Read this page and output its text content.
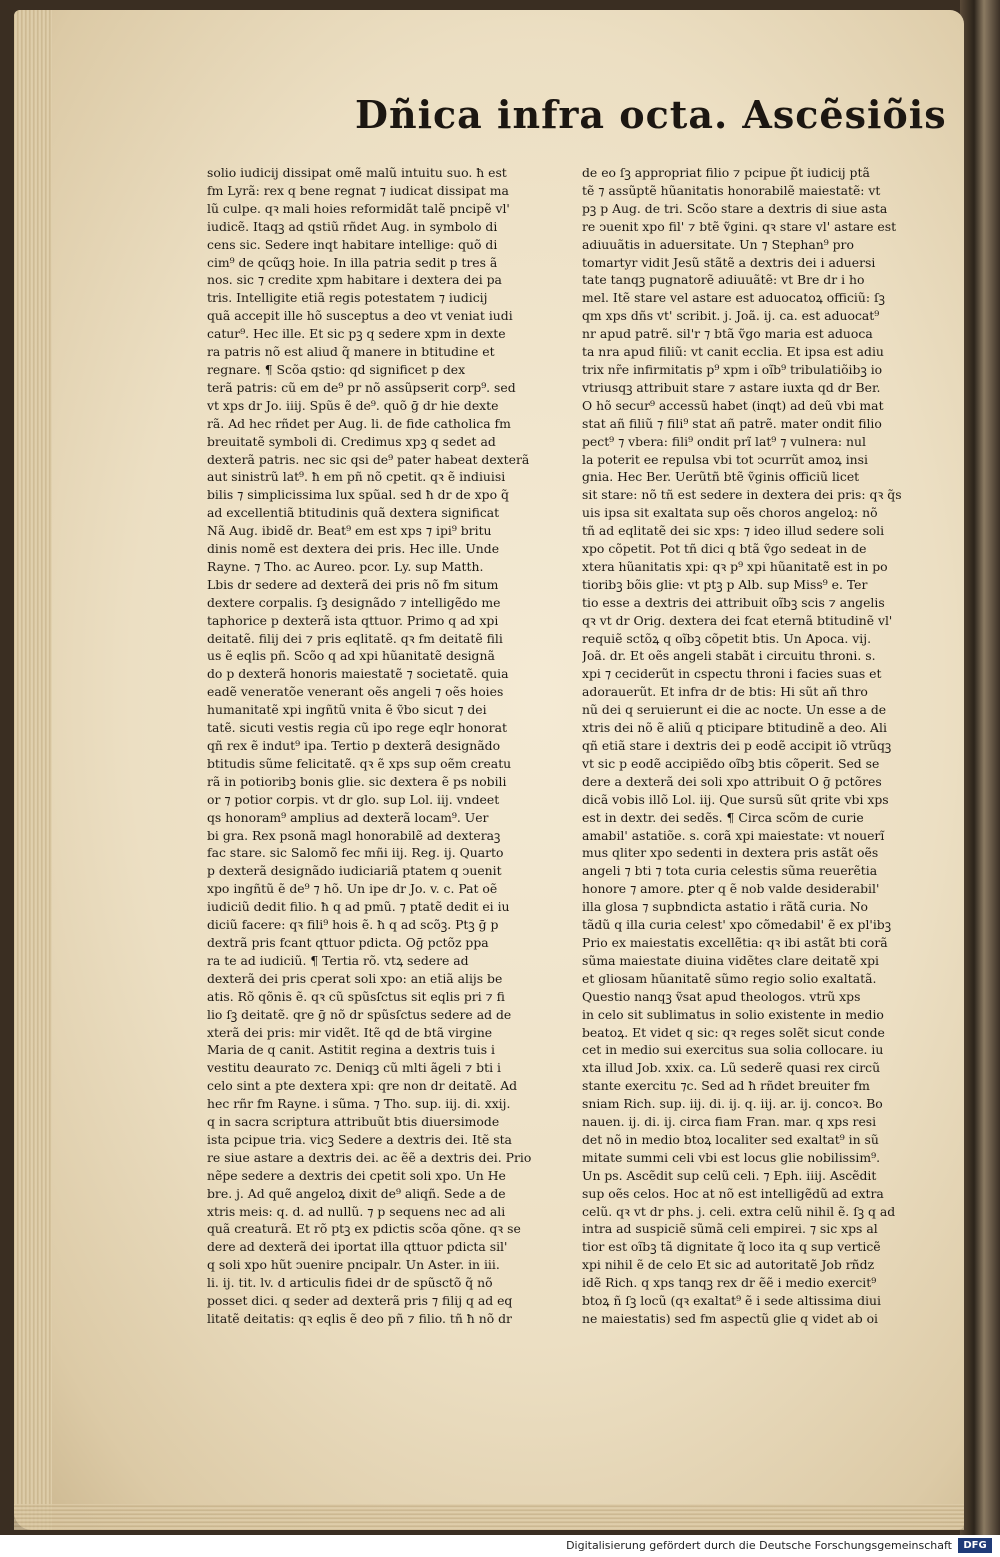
Dñica infra octa. Ascẽsiõis
solio iudicij dissipat omẽ malũ intuitu suo. ħ est
fm Lyrã: rex q bene regnat ⁊ iudicat dissipat ma
lũ culpe. qꝛ mali hoies reformidãt talẽ pncipẽ vl'
iudicẽ. Itaqꝫ ad qstiũ rñdet Aug. in symbolo di
cens sic. Sedere inqt habitare intellige: quõ di
cim⁹ de qcũqꝫ hoie. In illa patria sedit p tres ã
nos. sic ⁊ credite xpm habitare i dextera dei pa
tris. Intelligite etiã regis potestatem ⁊ iudicij
quã accepit ille hõ susceptus a deo vt veniat iudi
catur⁹. Hec ille. Et sic pꝫ q sedere xpm in dexte
ra patris nõ est aliud q̃ manere in btitudine et
regnare. ¶ Scõa qstio: qd significet p dex
terã patris: cũ em de⁹ pr nõ assũpserit corp⁹. sed
vt xps dr Jo. iiij. Spũs ẽ de⁹. quõ ḡ dr hie dexte
rã. Ad hec rñdet per Aug. li. de fide catholica fm
breuitatẽ symboli di. Credimus xpꝫ q sedet ad
dexterã patris. nec sic qsi de⁹ pater habeat dexterã
aut sinistrũ lat⁹. ħ em pñ nõ cpetit. qꝛ ẽ indiuisi
bilis ⁊ simplicissima lux spũal. sed ħ dr de xpo q̃
ad excellentiã btitudinis quã dextera significat
Nã Aug. ibidẽ dr. Beat⁹ em est xps ⁊ ipi⁹ britu
dinis nomẽ est dextera dei pris. Hec ille. Unde
Rayne. ⁊ Tho. ac Aureo. pcor. Ly. sup Matth.
Lbis dr sedere ad dexterã dei pris nõ fm situm
dextere corpalis. ſꝫ designãdo ⁊ intelligẽdo me
taphorice p dexterã ista qttuor. Primo q ad xpi
deitatẽ. filij dei ⁊ pris eqlitatẽ. qꝛ fm deitatẽ fili
us ẽ eqlis pñ. Scõo q ad xpi hũanitatẽ designã
do p dexterã honoris maiestatẽ ⁊ societatẽ. quia
eadẽ veneratõe venerant oẽs angeli ⁊ oẽs hoies
humanitatẽ xpi ingñtũ vnita ẽ ṽbo sicut ⁊ dei
tatẽ. sicuti vestis regia cũ ipo rege eqlr honorat
qñ rex ẽ indut⁹ ipa. Tertio p dexterã designãdo
btitudis sũme felicitatẽ. qꝛ ẽ xps sup oẽm creatu
rã in potioribꝫ bonis glie. sic dextera ẽ ps nobili
or ⁊ potior corpis. vt dr glo. sup Lol. iij. vndeet
qs honoram⁹ amplius ad dexterã locam⁹. Uer
bi gra. Rex psonã magl honorabilẽ ad dexteraꝫ
fac stare. sic Salomõ fec mñi iij. Reg. ij. Quarto
p dexterã designãdo iudiciariã ptatem q ↄuenit
xpo ingñtũ ẽ de⁹ ⁊ hõ. Un ipe dr Jo. v. c. Pat oẽ
iudiciũ dedit filio. ħ q ad pmũ. ⁊ ptatẽ dedit ei iu
diciũ facere: qꝛ fili⁹ hois ẽ. ħ q ad scõꝫ. Ptꝫ ḡ p
dextrã pris fcant qttuor pdicta. Oḡ pctõz ppa
ra te ad iudiciũ. ¶ Tertia rõ. vtꝝ sedere ad
dexterã dei pris cperat soli xpo: an etiã alijs be
atis. Rõ qõnis ẽ. qꝛ cũ spũsſctus sit eqlis pri ⁊ fi
lio ſꝫ deitatẽ. qre ḡ nõ dr spũsſctus sedere ad de
xterã dei pris: mir vidẽt. Itẽ qd de btã virgine
Maria de q canit. Astitit regina a dextris tuis i
vestitu deaurato ⁊c. Deniqꝫ cũ mlti ãgeli ⁊ bti i
celo sint a pte dextera xpi: qre non dr deitatẽ. Ad
hec rñr fm Rayne. i sũma. ⁊ Tho. sup. iij. di. xxij.
q in sacra scriptura attribuũt btis diuersimode
ista pcipue tria. vicꝫ Sedere a dextris dei. Itẽ sta
re siue astare a dextris dei. ac ẽẽ a dextris dei. Prio
nẽpe sedere a dextris dei cpetit soli xpo. Un He
bre. j. Ad quẽ angeloꝝ dixit de⁹ aliqñ. Sede a de
xtris meis: q. d. ad nullũ. ⁊ p sequens nec ad ali
quã creaturã. Et rõ ptꝫ ex pdictis scõa qõne. qꝛ se
dere ad dexterã dei iportat illa qttuor pdicta sil'
q soli xpo hũt ↄuenire pncipalr. Un Aster. in iii.
li. ij. tit. lv. d articulis fidei dr de spũsctõ q̃ nõ
posset dici. q seder ad dexterã pris ⁊ filij q ad eq
litatẽ deitatis: qꝛ eqlis ẽ deo pñ ⁊ filio. tñ ħ nõ dr
de eo ſꝫ appropriat filio ⁊ pcipue p̃t iudicij ptã
tẽ ⁊ assũptẽ hũanitatis honorabilẽ maiestatẽ: vt
pꝫ p Aug. de tri. Scõo stare a dextris di siue asta
re ↄuenit xpo fil' ⁊ btẽ ṽgini. qꝛ stare vl' astare est
adiuuãtis in aduersitate. Un ⁊ Stephan⁹ pro
tomartyr vidit Jesũ stãtẽ a dextris dei i aduersi
tate tanqꝫ pugnatorẽ adiuuãtẽ: vt Bre dr i ho
mel. Itẽ stare vel astare est aduocatoꝝ officiũ: ſꝫ
qm xps dñs vt' scribit. j. Joã. ij. ca. est aduocat⁹
nr apud patrẽ. sil'r ⁊ btã ṽgo maria est aduoca
ta nra apud filiũ: vt canit ecclia. Et ipsa est adiu
trix nr̃e infirmitatis p⁹ xpm i oĩb⁹ tribulatiõibꝫ io
vtriusqꝫ attribuit stare ⁊ astare iuxta qd dr Ber.
O hõ secur⁹ accessũ habet (inqt) ad deũ vbi mat
stat añ filiũ ⁊ fili⁹ stat añ patrẽ. mater ondit filio
pect⁹ ⁊ vbera: fili⁹ ondit prĩ lat⁹ ⁊ vulnera: nul
la poterit ee repulsa vbi tot ↄcurrũt amoꝝ insi
gnia. Hec Ber. Uerũtñ btẽ ṽginis officiũ licet
sit stare: nõ tñ est sedere in dextera dei pris: qꝛ q̃s
uis ipsa sit exaltata sup oẽs choros angeloꝝ: nõ
tñ ad eqlitatẽ dei sic xps: ⁊ ideo illud sedere soli
xpo cõpetit. Pot tñ dici q btã ṽgo sedeat in de
xtera hũanitatis xpi: qꝛ p⁹ xpi hũanitatẽ est in po
tioribꝫ bõis glie: vt ptꝫ p Alb. sup Miss⁹ e. Ter
tio esse a dextris dei attribuit oĩbꝫ scis ⁊ angelis
qꝛ vt dr Orig. dextera dei fcat eternã btitudinẽ vl'
requiẽ sctõꝝ q oĩbꝫ cõpetit btis. Un Apoca. vij.
Joã. dr. Et oẽs angeli stabãt i circuitu throni. s.
xpi ⁊ ceciderũt in cspectu throni i facies suas et
adorauerũt. Et infra dr de btis: Hi sũt añ thro
nũ dei q seruierunt ei die ac nocte. Un esse a de
xtris dei nõ ẽ aliũ q pticipare btitudinẽ a deo. Ali
qñ etiã stare i dextris dei p eodẽ accipit iõ vtrũqꝫ
vt sic p eodẽ accipiẽdo oĩbꝫ btis cõperit. Sed se
dere a dexterã dei soli xpo attribuit O ḡ pctõres
dicã vobis illõ Lol. iij. Que sursũ sũt qrite vbi xps
est in dextr. dei sedẽs. ¶ Circa scõm de curie
amabil' astatiõe. s. corã xpi maiestate: vt nouerĩ
mus qliter xpo sedenti in dextera pris astãt oẽs
angeli ⁊ bti ⁊ tota curia celestis sũma reuerẽtia
honore ⁊ amore. ꝑter q ẽ nob valde desiderabil'
illa glosa ⁊ supbndicta astatio i rãtã curia. No
tãdũ q illa curia celest' xpo cõmedabil' ẽ ex pl'ibꝫ
Prio ex maiestatis excellẽtia: qꝛ ibi astãt bti corã
sũma maiestate diuina vidẽtes clare deitatẽ xpi
et gliosam hũanitatẽ sũmo regio solio exaltatã.
Questio nanqꝫ ṽsat apud theologos. vtrũ xps
in celo sit sublimatus in solio existente in medio
beatoꝝ. Et videt q sic: qꝛ reges solẽt sicut conde
cet in medio sui exercitus sua solia collocare. iu
xta illud Job. xxix. ca. Lũ sederẽ quasi rex circũ
stante exercitu ⁊c. Sed ad ħ rñdet breuiter fm
sniam Rich. sup. iij. di. ij. q. iij. ar. ij. concoꝛ. Bo
nauen. ij. di. ij. circa fiam Fran. mar. q xps resi
det nõ in medio btoꝝ localiter sed exaltat⁹ in sũ
mitate summi celi vbi est locus glie nobilissim⁹.
Un ps. Ascẽdit sup celũ celi. ⁊ Eph. iiij. Ascẽdit
sup oẽs celos. Hoc at nõ est intelligẽdũ ad extra
celũ. qꝛ vt dr phs. j. celi. extra celũ nihil ẽ. ſꝫ q ad
intra ad suspiciẽ sũmã celi empirei. ⁊ sic xps al
tior est oĩbꝫ tã dignitate q̃ loco ita q sup verticẽ
xpi nihil ẽ de celo Et sic ad autoritatẽ Job rñdz
idẽ Rich. q xps tanqꝫ rex dr ẽẽ i medio exercit⁹
btoꝝ ñ ſꝫ locũ (qꝛ exaltat⁹ ẽ i sede altissima diui
ne maiestatis) sed fm aspectũ glie q videt ab oi
Digitalisierung gefördert durch die Deutsche Forschungsgemeinschaft	DFG
